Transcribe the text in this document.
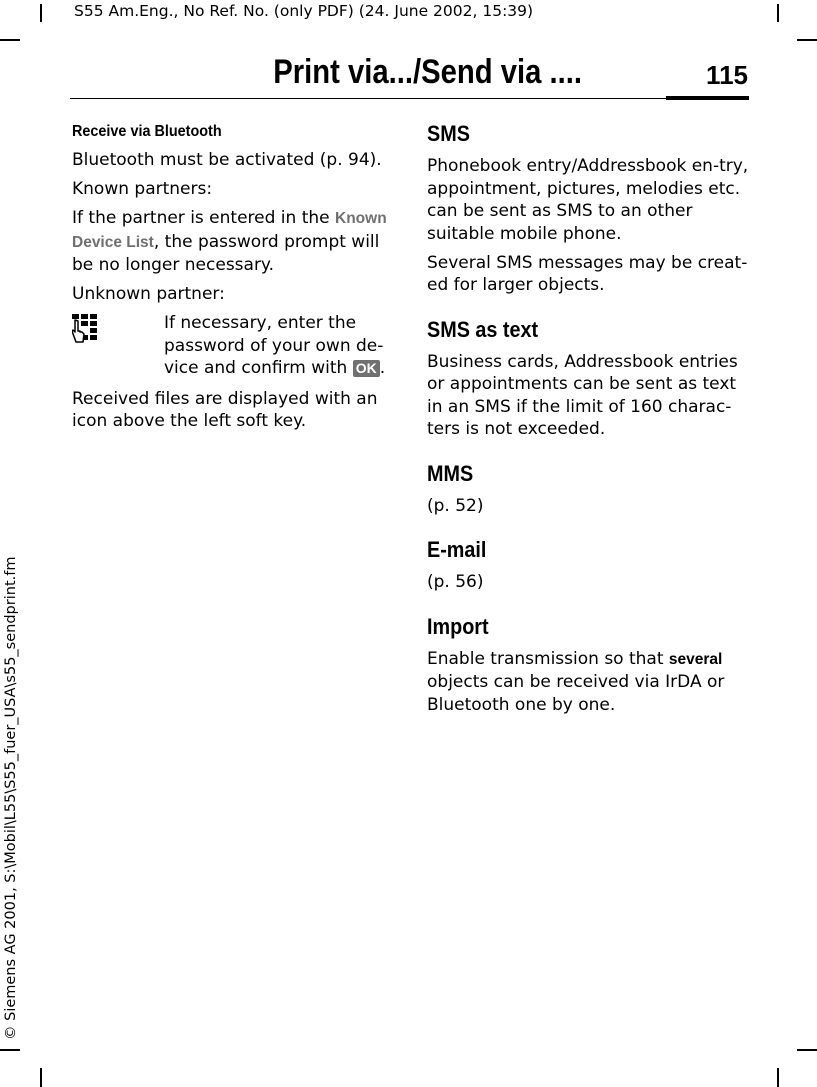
S55 Am.Eng., No Ref. No. (only PDF) (24. June 2002, 15:39)
Print via.../Send via ....	115
© Siemens AG 2001, S:\Mobil\L55\S55_fuer_USA\s55_sendprint.fm
Receive via Bluetooth

Bluetooth must be activated (p. 94).

Known partners:

If the partner is entered in the Known Device List, the password prompt will be no longer necessary.

Unknown partner:

If necessary, enter the password of your own de-vice and confirm with OK .

Received files are displayed with an icon above the left soft key.

SMS

Phonebook entry/Addressbook en-try, appointment, pictures, melodies etc. can be sent as SMS to an other suitable mobile phone.

Several SMS messages may be creat-ed for larger objects.

SMS as text

Business cards, Addressbook entries or appointments can be sent as text in an SMS if the limit of 160 charac-ters is not exceeded.

MMS

(p. 52)

E-mail

(p. 56)

Import

Enable transmission so that several objects can be received via IrDA or Bluetooth one by one.
